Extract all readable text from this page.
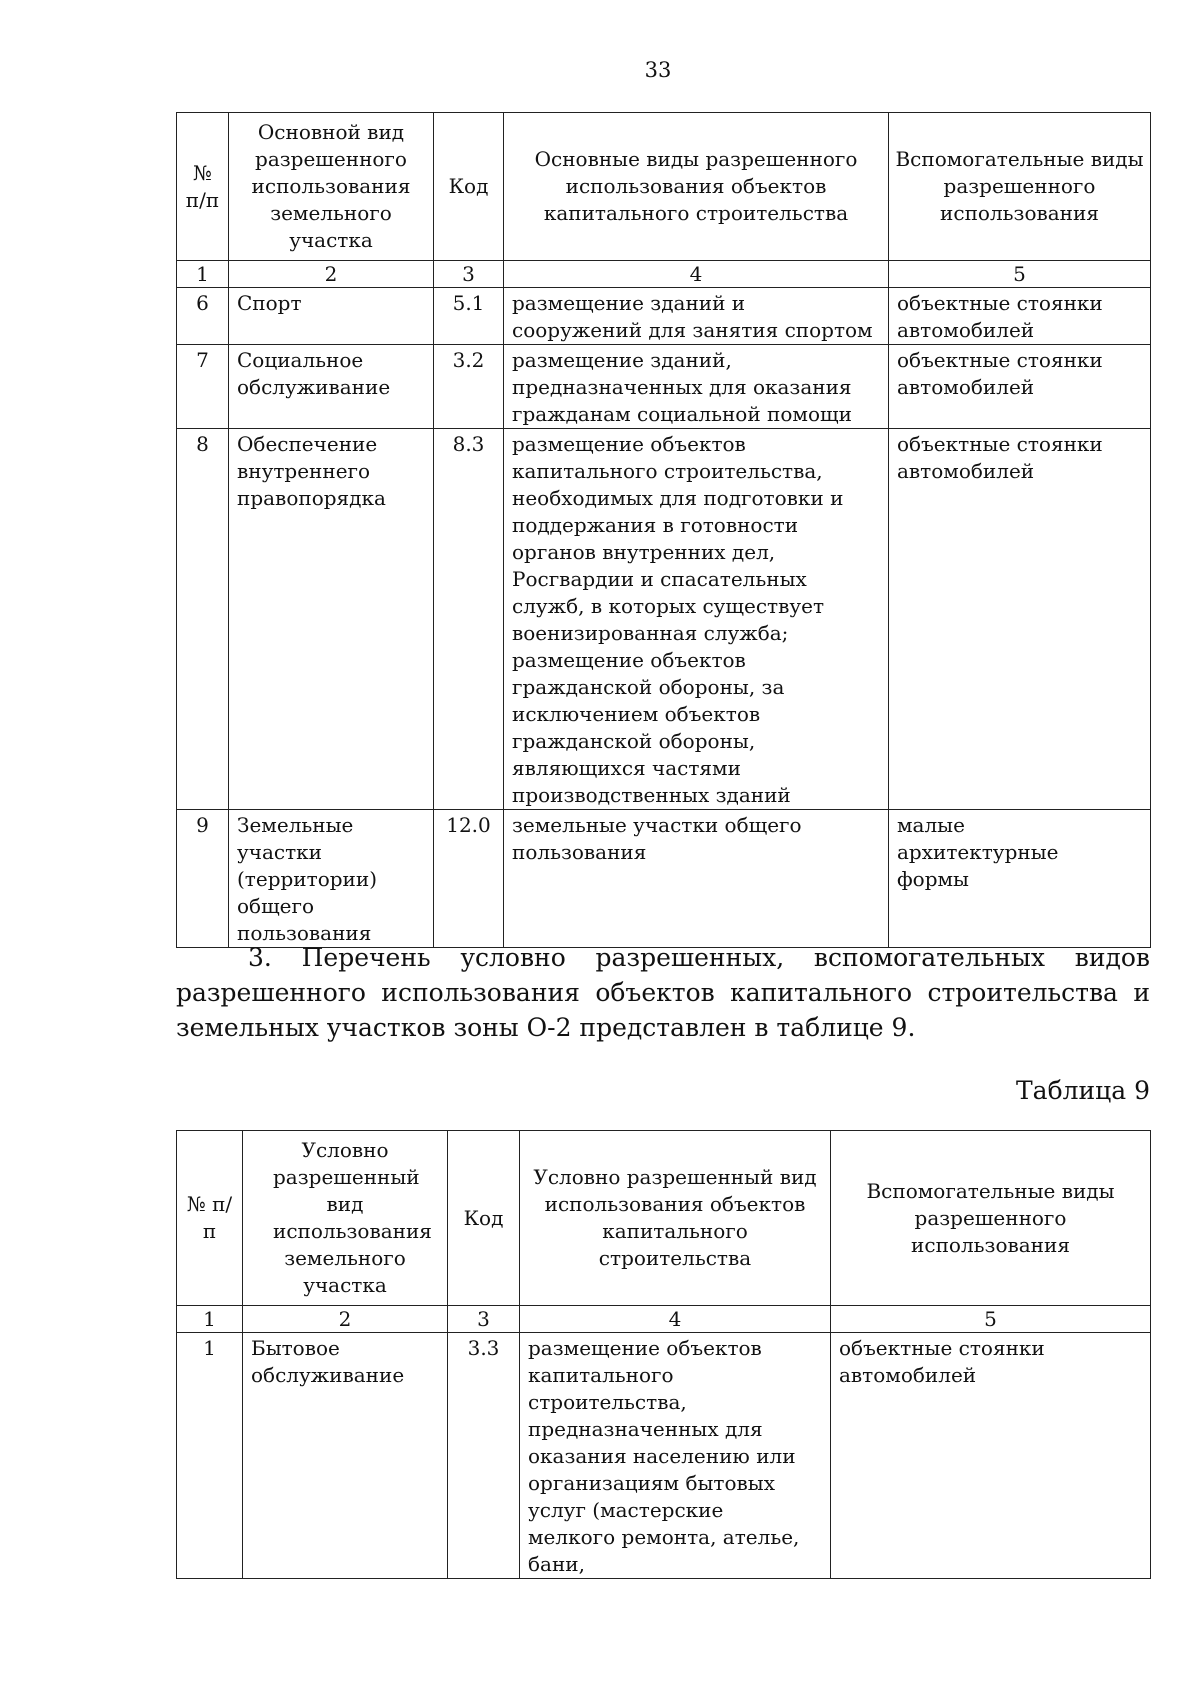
33
№ п/п	Основной вид разрешенного использования земельного участка	Код	Основные виды разрешенного использования объектов капитального строительства	Вспомогательные виды разрешенного использования
1	2	3	4	5
6	Спорт	5.1	размещение зданий и сооружений для занятия спортом	объектные стоянки автомобилей
7	Социальное обслуживание	3.2	размещение зданий, предназначенных для оказания гражданам социальной помощи	объектные стоянки автомобилей
8	Обеспечение внутреннего правопорядка	8.3	размещение объектов капитального строительства, необходимых для подготовки и поддержания в готовности органов внутренних дел, Росгвардии и спасательных служб, в которых существует военизированная служба; размещение объектов гражданской обороны, за исключением объектов гражданской обороны, являющихся частями производственных зданий	объектные стоянки автомобилей
9	Земельные участки (территории) общего пользования	12.0	земельные участки общего пользования	малые архитектурные формы
3. Перечень условно разрешенных, вспомогательных видов разрешенного использования объектов капитального строительства и земельных участков зоны О-2 представлен в таблице 9.
Таблица 9
№ п/п	Условно разрешенный вид использования земельного участка	Код	Условно разрешенный вид использования объектов капитального строительства	Вспомогательные виды разрешенного использования
1	2	3	4	5
1	Бытовое обслуживание	3.3	размещение объектов капитального строительства, предназначенных для оказания населению или организациям бытовых услуг (мастерские мелкого ремонта, ателье, бани,	объектные стоянки автомобилей
